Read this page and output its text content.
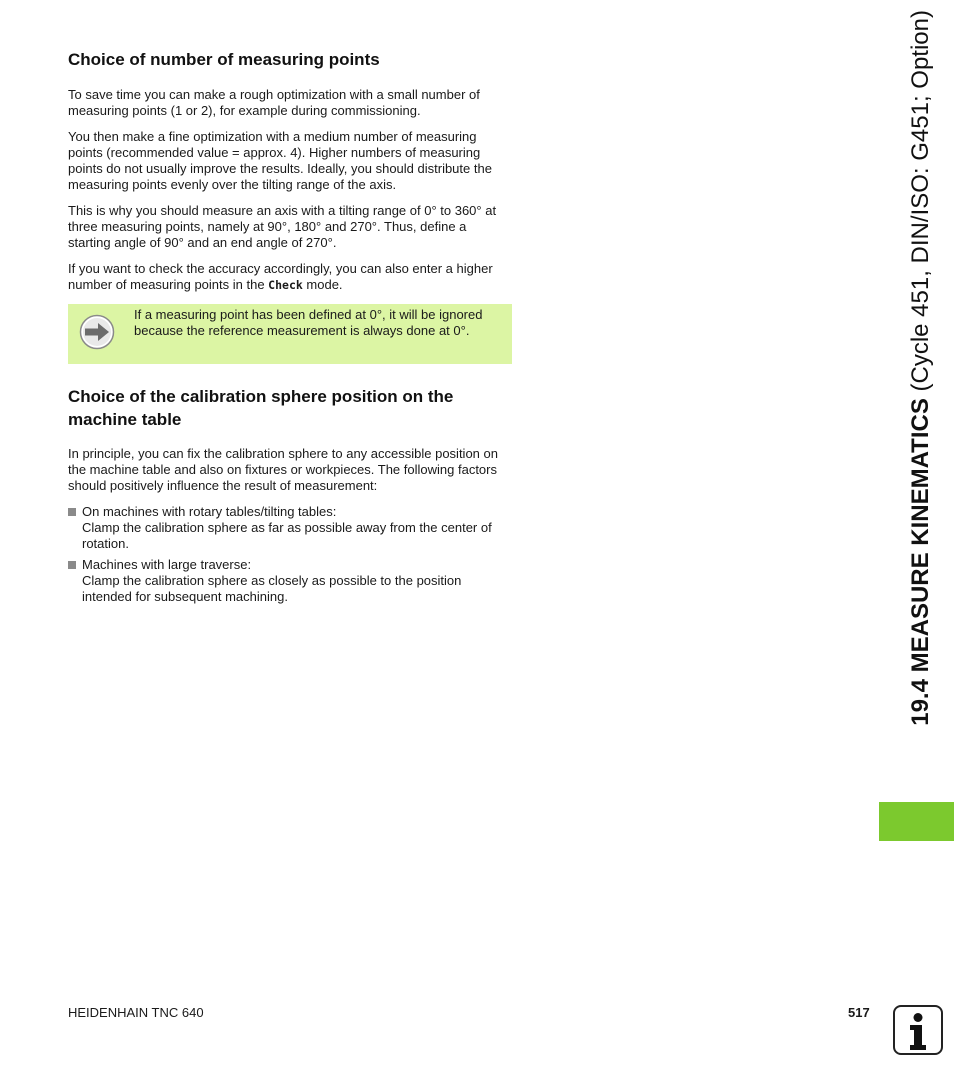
Choice of number of measuring points

To save time you can make a rough optimization with a small number of measuring points (1 or 2), for example during commissioning.

You then make a fine optimization with a medium number of measuring points (recommended value = approx. 4). Higher numbers of measuring points do not usually improve the results. Ideally, you should distribute the measuring points evenly over the tilting range of the axis.

This is why you should measure an axis with a tilting range of 0° to 360° at three measuring points, namely at 90°, 180° and 270°. Thus, define a starting angle of 90° and an end angle of 270°.

If you want to check the accuracy accordingly, you can also enter a higher number of measuring points in the Check mode.

If a measuring point has been defined at 0°, it will be ignored because the reference measurement is always done at 0°.
Choice of the calibration sphere position on the machine table

In principle, you can fix the calibration sphere to any accessible position on the machine table and also on fixtures or workpieces. The following factors should positively influence the result of measurement:

On machines with rotary tables/tilting tables:
Clamp the calibration sphere as far as possible away from the center of rotation.
Machines with large traverse:
Clamp the calibration sphere as closely as possible to the position intended for subsequent machining.	19.4 MEASURE KINEMATICS (Cycle 451, DIN/ISO: G451; Option)
HEIDENHAIN TNC 640	517
